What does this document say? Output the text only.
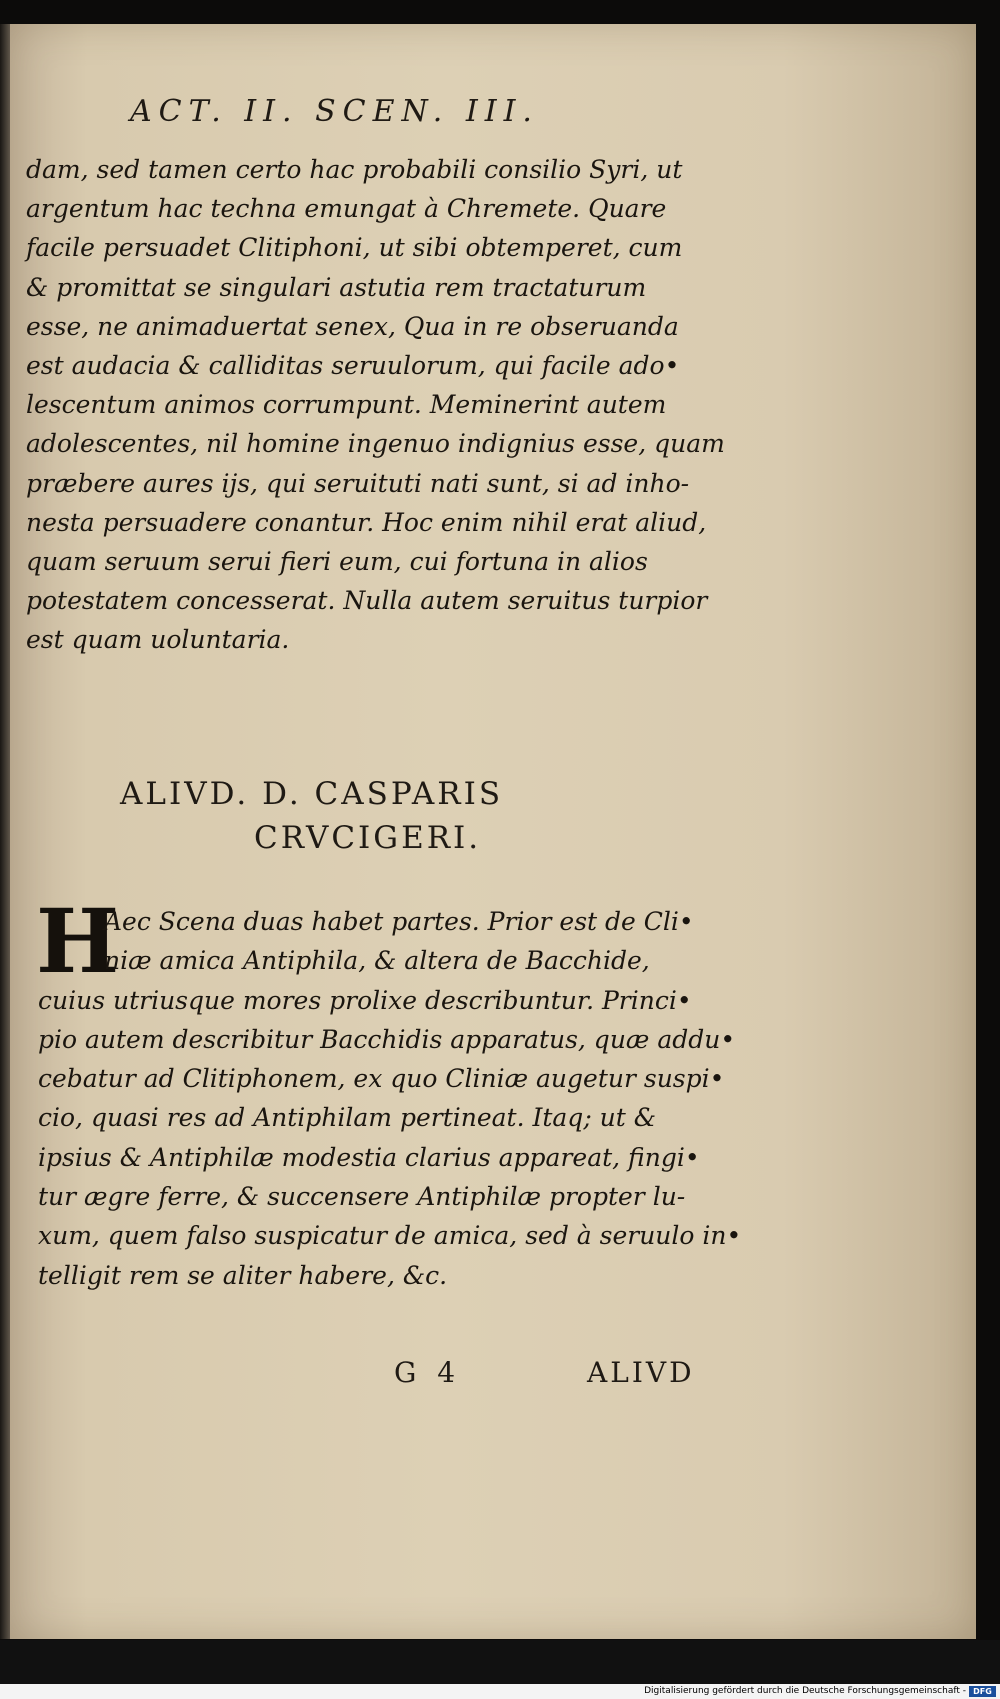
ACT. II. SCEN. III.
dam, sed tamen certo hac probabili consilio Syri, ut
argentum hac techna emungat à Chremete. Quare
facile persuadet Clitiphoni, ut sibi obtemperet, cum
& promittat se singulari astutia rem tractaturum
esse, ne animaduertat senex, Qua in re obseruanda
est audacia & calliditas seruulorum, qui facile ado•
lescentum animos corrumpunt. Meminerint autem
adolescentes, nil homine ingenuo indignius esse, quam
præbere aures ijs, qui seruituti nati sunt, si ad inho-
nesta persuadere conantur. Hoc enim nihil erat aliud,
quam seruum serui fieri eum, cui fortuna in alios
potestatem concesserat. Nulla autem seruitus turpior
est quam uoluntaria.
ALIVD. D. CASPARIS
CRVCIGERI.
H
Aec Scena duas habet partes. Prior est de Cli•
niæ amica Antiphila, & altera de Bacchide,
cuius utriusque mores prolixe describuntur. Princi•
pio autem describitur Bacchidis apparatus, quæ addu•
cebatur ad Clitiphonem, ex quo Cliniæ augetur suspi•
cio, quasi res ad Antiphilam pertineat. Itaq; ut &
ipsius & Antiphilæ modestia clarius appareat, fingi•
tur ægre ferre, & succensere Antiphilæ propter lu-
xum, quem falso suspicatur de amica, sed à seruulo in•
telligit rem se aliter habere, &c.
G 4	ALIVD
Digitalisierung gefördert durch die Deutsche Forschungsgemeinschaft - DFG
